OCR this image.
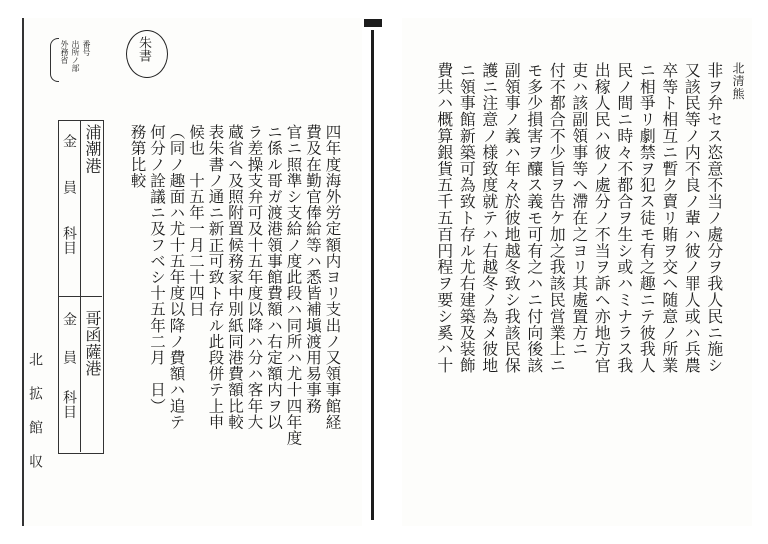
番号
出所ノ部
外務省	朱書
四年度海外労定額内ヨリ支出ノ又領事館経
費及在勤官俸給等ハ悉皆補塡渡用易事務
官ニ照準シ支給ノ度此段ハ同所ハ尤十四年度
ニ係ル哥ガ渡港領事館費額ハ右定額内ヲ以
ラ差操支弁可及十五年度以降ハ分ハ客年大
蔵省ヘ及照附置候務家中別紙同港費額比較
表朱書ノ通ニ新正可致ト存ル此段併テ上申
候也　十五年一月二十四日
（同ノ趣面ハ尤十五年度以降ノ費額ハ追テ
何分ノ詮議ニ及フベシ十五年二月　日）
務第比較
金
員
科目
浦潮港
金
員
科目
哥函薩港
北
拡
館
収
北清熊
非ヲ弁セス恣意不当ノ處分ヲ我人民ニ施シ
又該民等ノ内不良ノ輩ハ彼ノ罪人或ハ兵農
卒等ト相互ニ暫ク賣リ賄ヲ交ヘ随意ノ所業
ニ相爭リ劇禁ヲ犯ス徒モ有之趣ニテ彼我人
民ノ間ニ時々不都合ヲ生シ或ハミナラス我
出稼人民ハ彼ノ處分ノ不当ヲ訴ヘ亦地方官
吏ハ該副領事等ヘ滯在之ヨリ其處置方ニ
付不都合不少旨ヲ告ケ加之我該民営業上ニ
モ多少損害ヲ釀ス義モ可有之ハニ付向後該
副領事ノ義ハ年々於彼地越冬致シ我該民保
護ニ注意ノ様致度就テハ右越冬ノ為メ彼地
ニ領事館新築可為致ト存ル尤右建築及装飾
費共ハ概算銀貨五千五百円程ヲ要シ奚ハ十
